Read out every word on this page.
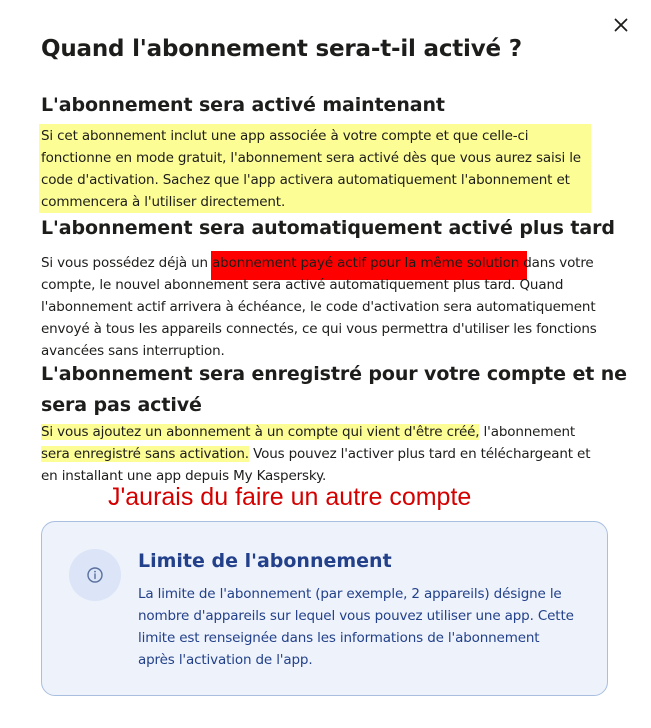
Quand l'abonnement sera-t-il activé ?
L'abonnement sera activé maintenant

Si cet abonnement inclut une app associée à votre compte et que celle-ci
fonctionne en mode gratuit, l'abonnement sera activé dès que vous aurez saisi le
code d'activation. Sachez que l'app activera automatiquement l'abonnement et
commencera à l'utiliser directement.

L'abonnement sera automatiquement activé plus tard

Si vous possédez déjà un abonnement payé actif pour la même solution dans votre
compte, le nouvel abonnement sera activé automatiquement plus tard. Quand
l'abonnement actif arrivera à échéance, le code d'activation sera automatiquement
envoyé à tous les appareils connectés, ce qui vous permettra d'utiliser les fonctions
avancées sans interruption.

L'abonnement sera enregistré pour votre compte et ne
sera pas activé

Si vous ajoutez un abonnement à un compte qui vient d'être créé, l'abonnement
sera enregistré sans activation. Vous pouvez l'activer plus tard en téléchargeant et
en installant une app depuis My Kaspersky.

J'aurais du faire un autre compte

Limite de l'abonnement

La limite de l'abonnement (par exemple, 2 appareils) désigne le
nombre d'appareils sur lequel vous pouvez utiliser une app. Cette
limite est renseignée dans les informations de l'abonnement
après l'activation de l'app.
